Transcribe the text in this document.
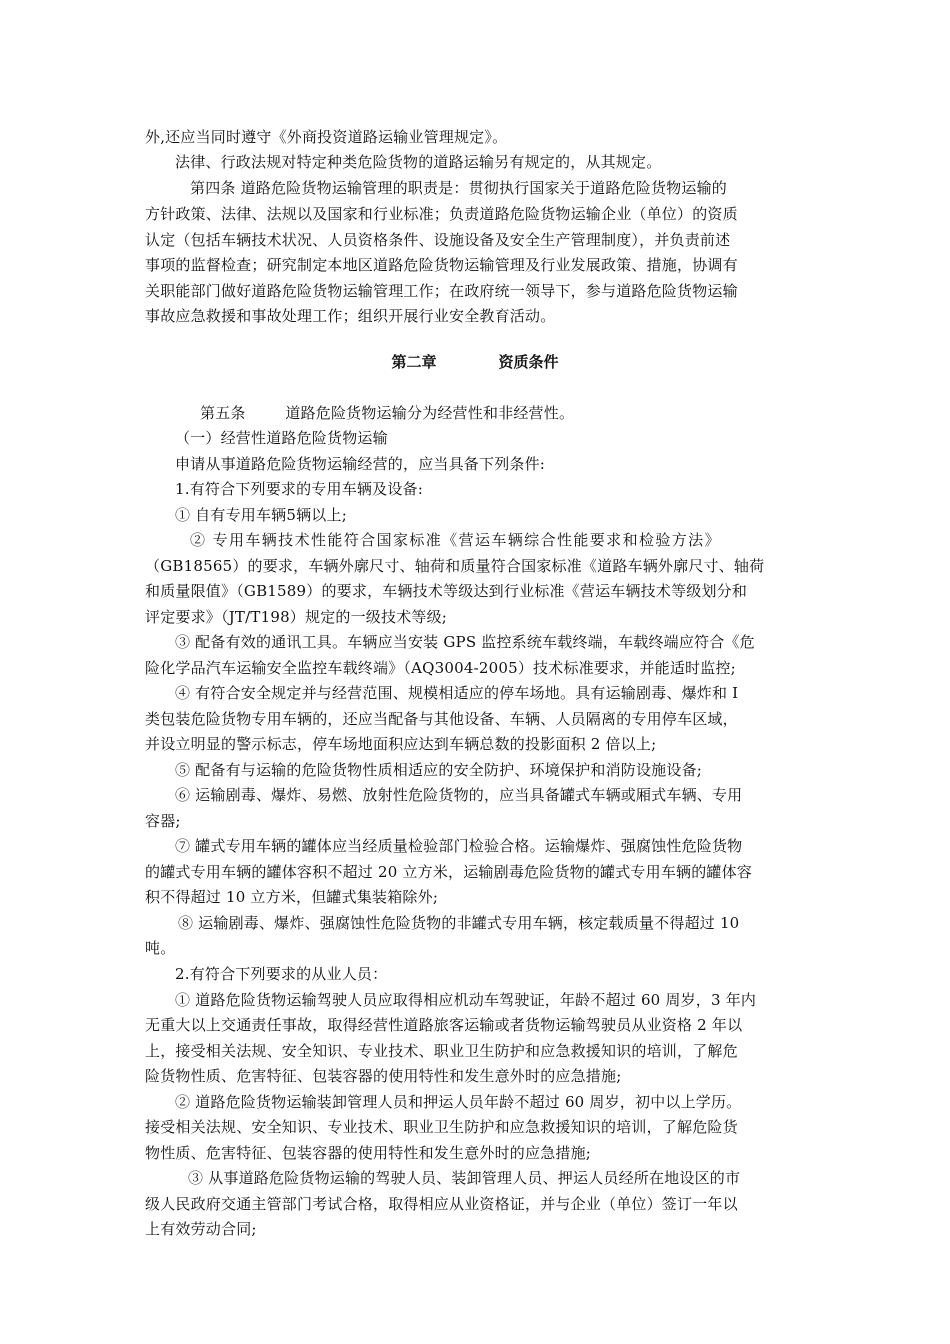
外,还应当同时遵守《外商投资道路运输业管理规定》。
法律、行政法规对特定种类危险货物的道路运输另有规定的，从其规定。
第四条 道路危险货物运输管理的职责是：贯彻执行国家关于道路危险货物运输的
方针政策、法律、法规以及国家和行业标准；负责道路危险货物运输企业（单位）的资质
认定（包括车辆技术状况、人员资格条件、设施设备及安全生产管理制度），并负责前述
事项的监督检查；研究制定本地区道路危险货物运输管理及行业发展政策、措施，协调有
关职能部门做好道路危险货物运输管理工作；在政府统一领导下，参与道路危险货物运输
事故应急救援和事故处理工作；组织开展行业安全教育活动。
第二章	资质条件
第五条        道路危险货物运输分为经营性和非经营性。
（一）经营性道路危险货物运输
申请从事道路危险货物运输经营的，应当具备下列条件:
1.有符合下列要求的专用车辆及设备:
① 自有专用车辆5辆以上;
② 专用车辆技术性能符合国家标准《营运车辆综合性能要求和检验方法》
（GB18565）的要求，车辆外廓尺寸、轴荷和质量符合国家标准《道路车辆外廓尺寸、轴荷
和质量限值》（GB1589）的要求，车辆技术等级达到行业标准《营运车辆技术等级划分和
评定要求》（JT/T198）规定的一级技术等级;
③ 配备有效的通讯工具。车辆应当安装 GPS 监控系统车载终端，车载终端应符合《危
险化学品汽车运输安全监控车载终端》（AQ3004-2005）技术标准要求，并能适时监控;
④ 有符合安全规定并与经营范围、规模相适应的停车场地。具有运输剧毒、爆炸和 I
类包装危险货物专用车辆的，还应当配备与其他设备、车辆、人员隔离的专用停车区域，
并设立明显的警示标志，停车场地面积应达到车辆总数的投影面积 2 倍以上;
⑤ 配备有与运输的危险货物性质相适应的安全防护、环境保护和消防设施设备;
⑥ 运输剧毒、爆炸、易燃、放射性危险货物的，应当具备罐式车辆或厢式车辆、专用
容器;
⑦ 罐式专用车辆的罐体应当经质量检验部门检验合格。运输爆炸、强腐蚀性危险货物
的罐式专用车辆的罐体容积不超过 20 立方米，运输剧毒危险货物的罐式专用车辆的罐体容
积不得超过 10 立方米，但罐式集装箱除外;
⑧ 运输剧毒、爆炸、强腐蚀性危险货物的非罐式专用车辆，核定载质量不得超过 10
吨。
2.有符合下列要求的从业人员：
① 道路危险货物运输驾驶人员应取得相应机动车驾驶证，年龄不超过 60 周岁，3 年内
无重大以上交通责任事故，取得经营性道路旅客运输或者货物运输驾驶员从业资格 2 年以
上，接受相关法规、安全知识、专业技术、职业卫生防护和应急救援知识的培训，了解危
险货物性质、危害特征、包装容器的使用特性和发生意外时的应急措施;
② 道路危险货物运输装卸管理人员和押运人员年龄不超过 60 周岁，初中以上学历。
接受相关法规、安全知识、专业技术、职业卫生防护和应急救援知识的培训，了解危险货
物性质、危害特征、包装容器的使用特性和发生意外时的应急措施;
③ 从事道路危险货物运输的驾驶人员、装卸管理人员、押运人员经所在地设区的市
级人民政府交通主管部门考试合格，取得相应从业资格证，并与企业（单位）签订一年以
上有效劳动合同;
